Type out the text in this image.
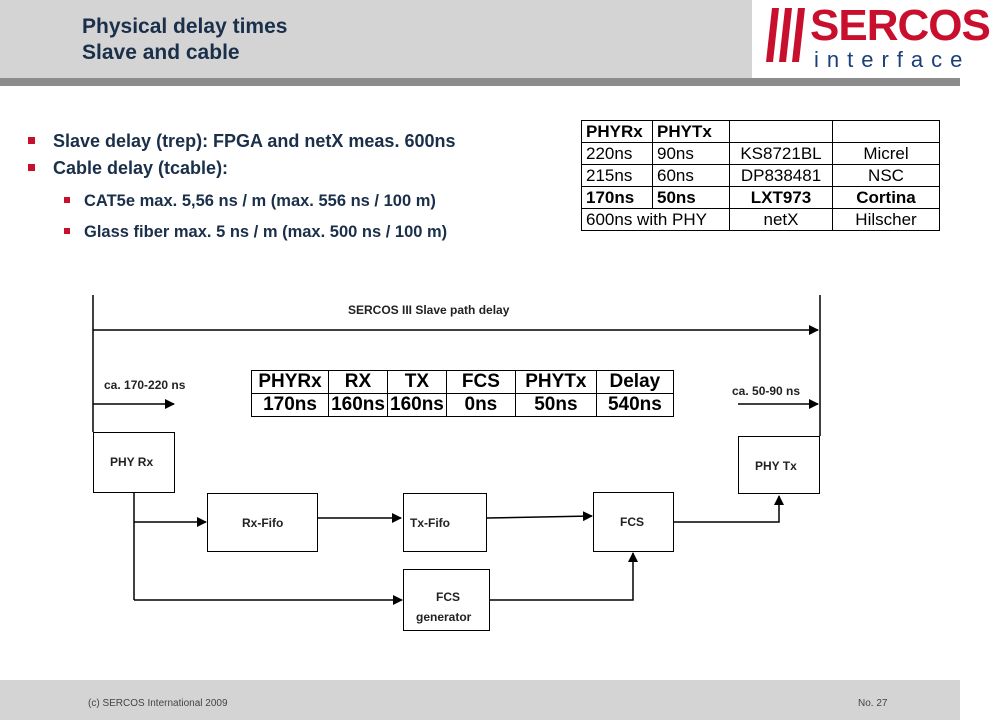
Physical delay times
Slave and cable
SERCOS
interface
Slave delay (trep): FPGA and netX meas. 600ns
Cable delay (tcable):
CAT5e max. 5,56 ns / m (max. 556 ns / 100 m)
Glass fiber max. 5 ns / m (max. 500 ns / 100 m)
PHYRx	PHYTx		
220ns	90ns	KS8721BL	Micrel
215ns	60ns	DP838481	NSC
170ns	50ns	LXT973	Cortina
600ns with PHY		netX	Hilscher
SERCOS III Slave path delay
ca. 170-220 ns	ca. 50-90 ns
PHYRx	RX	TX	FCS	PHYTx	Delay
170ns	160ns	160ns	0ns	50ns	540ns
PHY Rx
Rx-Fifo	Tx-Fifo	FCS
FCS
generator
PHY Tx
(c) SERCOS International 2009	No. 27
